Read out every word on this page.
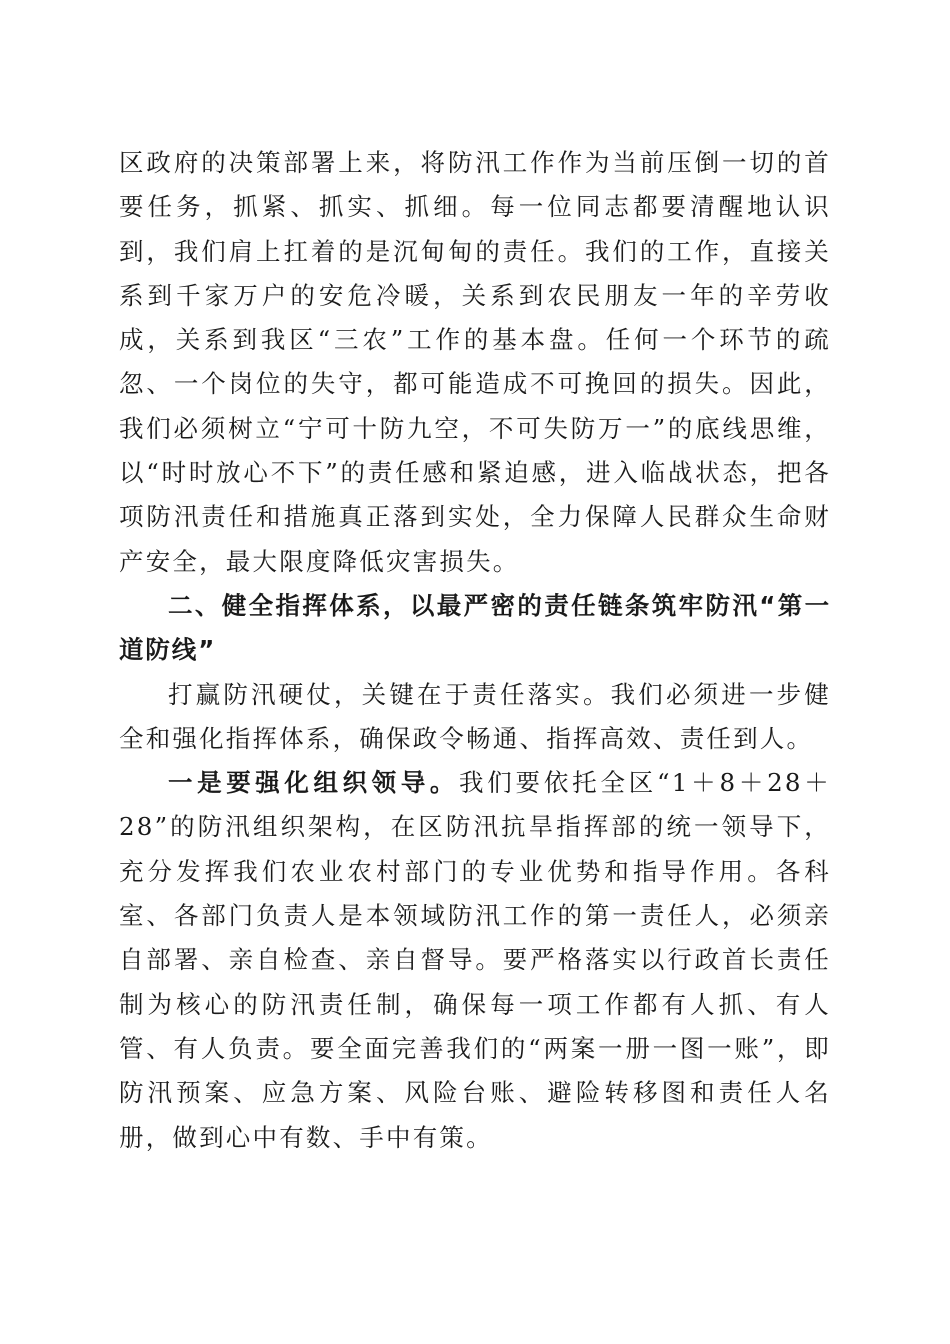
区政府的决策部署上来，将防汛工作作为当前压倒一切的首要任务，抓紧、抓实、抓细。每一位同志都要清醒地认识到，我们肩上扛着的是沉甸甸的责任。我们的工作，直接关系到千家万户的安危冷暖，关系到农民朋友一年的辛劳收成，关系到我区“三农”工作的基本盘。任何一个环节的疏忽、一个岗位的失守，都可能造成不可挽回的损失。因此，我们必须树立“宁可十防九空，不可失防万一”的底线思维，以“时时放心不下”的责任感和紧迫感，进入临战状态，把各项防汛责任和措施真正落到实处，全力保障人民群众生命财产安全，最大限度降低灾害损失。

二、健全指挥体系，以最严密的责任链条筑牢防汛“第一道防线”

打赢防汛硬仗，关键在于责任落实。我们必须进一步健全和强化指挥体系，确保政令畅通、指挥高效、责任到人。

一是要强化组织领导。我们要依托全区“1＋8＋28＋28”的防汛组织架构，在区防汛抗旱指挥部的统一领导下，充分发挥我们农业农村部门的专业优势和指导作用。各科室、各部门负责人是本领域防汛工作的第一责任人，必须亲自部署、亲自检查、亲自督导。要严格落实以行政首长责任制为核心的防汛责任制，确保每一项工作都有人抓、有人管、有人负责。要全面完善我们的“两案一册一图一账”，即防汛预案、应急方案、风险台账、避险转移图和责任人名册，做到心中有数、手中有策。
